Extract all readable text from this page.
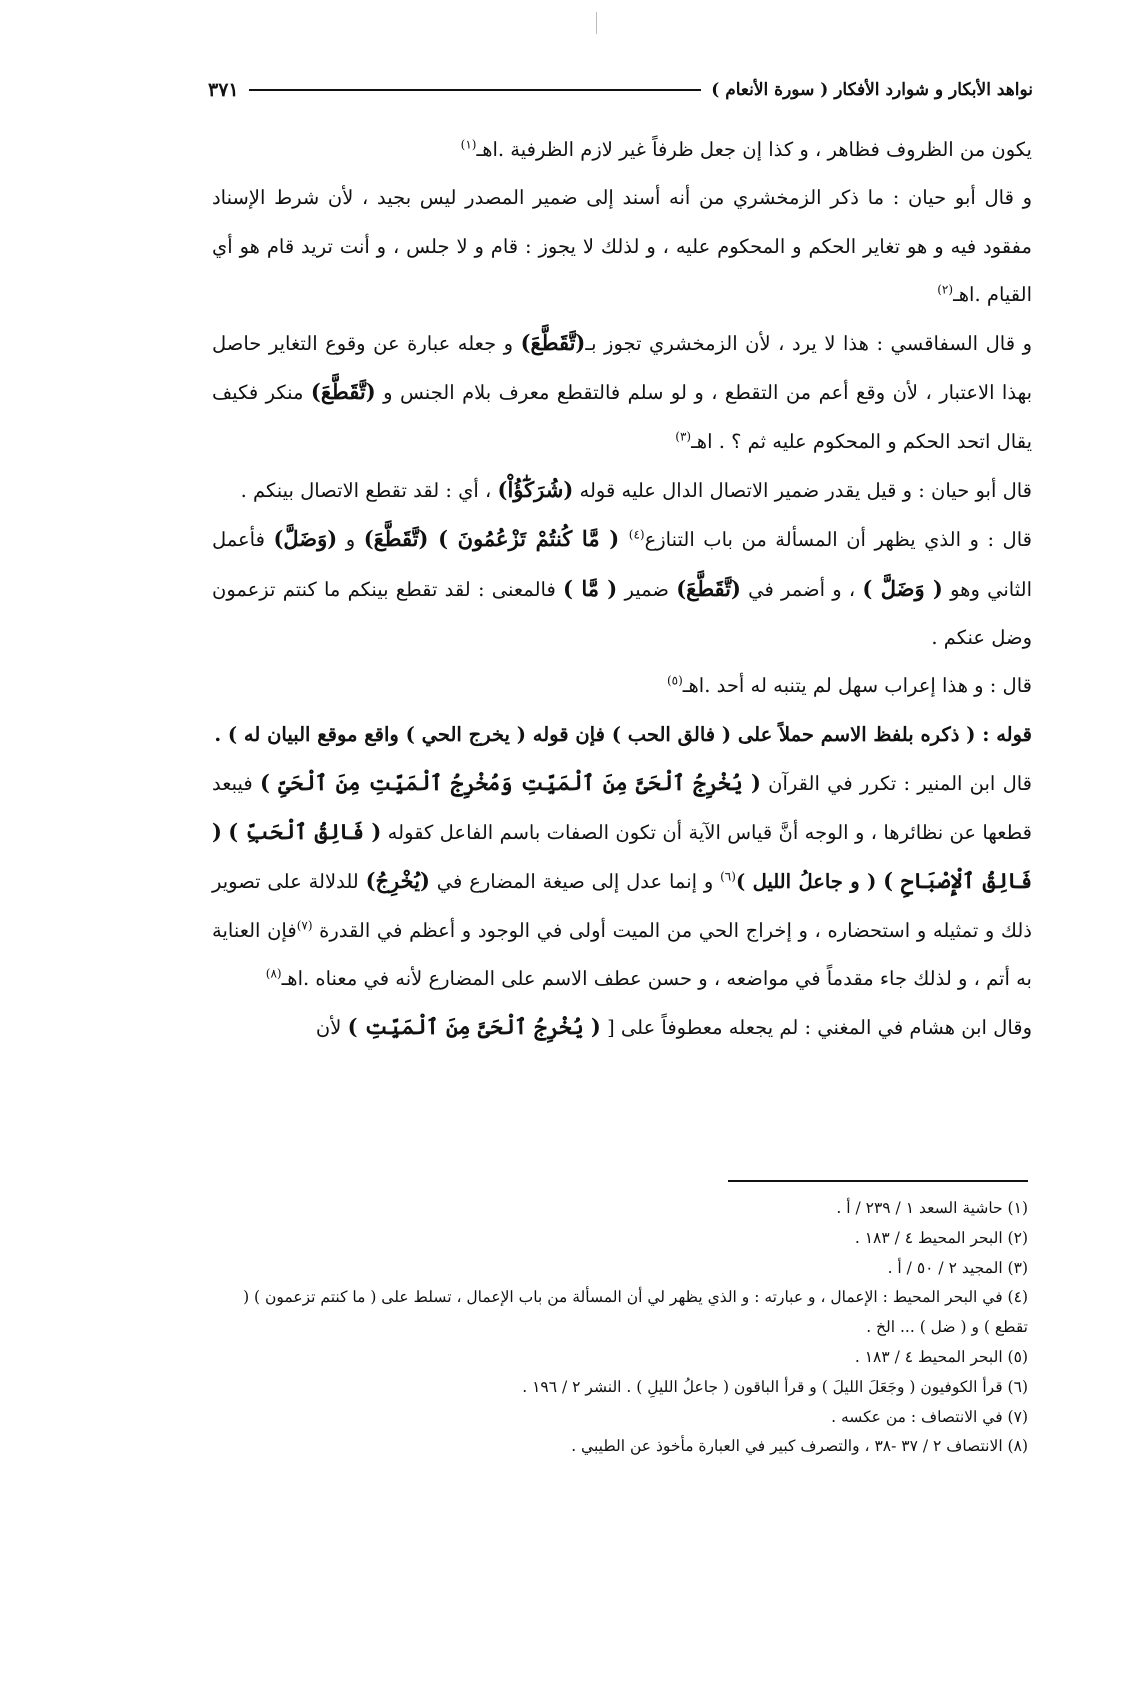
نواهد الأبكار و شوارد الأفكار ( سورة الأنعام )
٣٧١

يكون من الظروف فظاهر ، و كذا إن جعل ظرفاً غير لازم الظرفية .اهـ$^{(١)}$

و قال أبو حيان : ما ذكر الزمخشري من أنه أسند إلى ضمير المصدر ليس بجيد ، لأن شرط الإسناد مفقود فيه و هو تغاير الحكم و المحكوم عليه ، و لذلك لا يجوز : قام و لا جلس ، و أنت تريد قام هو أي القيام .اهـ$^{(٢)}$

و قال السفاقسي : هذا لا يرد ، لأن الزمخشري تجوز بـ(تَّقَطَّعَ) و جعله عبارة عن وقوع التغاير حاصل بهذا الاعتبار ، لأن وقع أعم من التقطع ، و لو سلم فالتقطع معرف بلام الجنس و (تَّقَطَّعَ) منكر فكيف يقال اتحد الحكم و المحكوم عليه ثم ؟ . اهـ$^{(٣)}$

قال أبو حيان : و قيل يقدر ضمير الاتصال الدال عليه قوله (شُرَكَٰٓؤُاْ) ، أي : لقد تقطع الاتصال بينكم .

قال : و الذي يظهر أن المسألة من باب التنازع$^{(٤)}$ ( مَّا كُنتُمْ تَزْعُمُونَ ) (تَّقَطَّعَ) و (وَضَلَّ) فأعمل الثاني وهو ( وَضَلَّ ) ، و أضمر في (تَّقَطَّعَ) ضمير ( مَّا ) فالمعنى : لقد تقطع بينكم ما كنتم تزعمون وضل عنكم .

قال : و هذا إعراب سهل لم يتنبه له أحد .اهـ$^{(٥)}$

قوله : ( ذكره بلفظ الاسم حملاً على ( فالق الحب ) فإن قوله ( يخرج الحي ) واقع موقع البيان له ) .

قال ابن المنير : تكرر في القرآن ( يُخْرِجُ ٱلْحَىَّ مِنَ ٱلْمَيِّتِ وَمُخْرِجُ ٱلْمَيِّتِ مِنَ ٱلْحَىِّ ) فيبعد قطعها عن نظائرها ، و الوجه أنَّ قياس الآية أن تكون الصفات باسم الفاعل كقوله ( فَالِقُ ٱلْحَبِّ ) ( فَالِقُ ٱلْإِصْبَاحِ ) ( و جاعلُ الليل )$^{(٦)}$ و إنما عدل إلى صيغة المضارع في (يُخْرِجُ) للدلالة على تصوير ذلك و تمثيله و استحضاره ، و إخراج الحي من الميت أولى في الوجود و أعظم في القدرة $^{(٧)}$فإن العناية به أتم ، و لذلك جاء مقدماً في مواضعه ، و حسن عطف الاسم على المضارع لأنه في معناه .اهـ$^{(٨)}$

وقال ابن هشام في المغني : لم يجعله معطوفاً على [ ( يُخْرِجُ ٱلْحَىَّ مِنَ ٱلْمَيِّتِ ) لأن

(١) حاشية السعد ١ / ٢٣٩ / أ .

(٢) البحر المحيط ٤ / ١٨٣ .

(٣) المجيد ٢ / ٥٠ / أ .

(٤) في البحر المحيط : الإعمال ، و عبارته : و الذي يظهر لي أن المسألة من باب الإعمال ، تسلط على ( ما كنتم تزعمون ) ( تقطع ) و ( ضل ) ... الخ .

(٥) البحر المحيط ٤ / ١٨٣ .

(٦) قرأ الكوفيون ( وجَعَلَ الليلَ ) و قرأ الباقون ( جاعلُ الليلِ ) . النشر ٢ / ١٩٦ .

(٧) في الانتصاف : من عكسه .

(٨) الانتصاف ٢ / ٣٧ -٣٨ ، والتصرف كبير في العبارة مأخوذ عن الطيبي .
